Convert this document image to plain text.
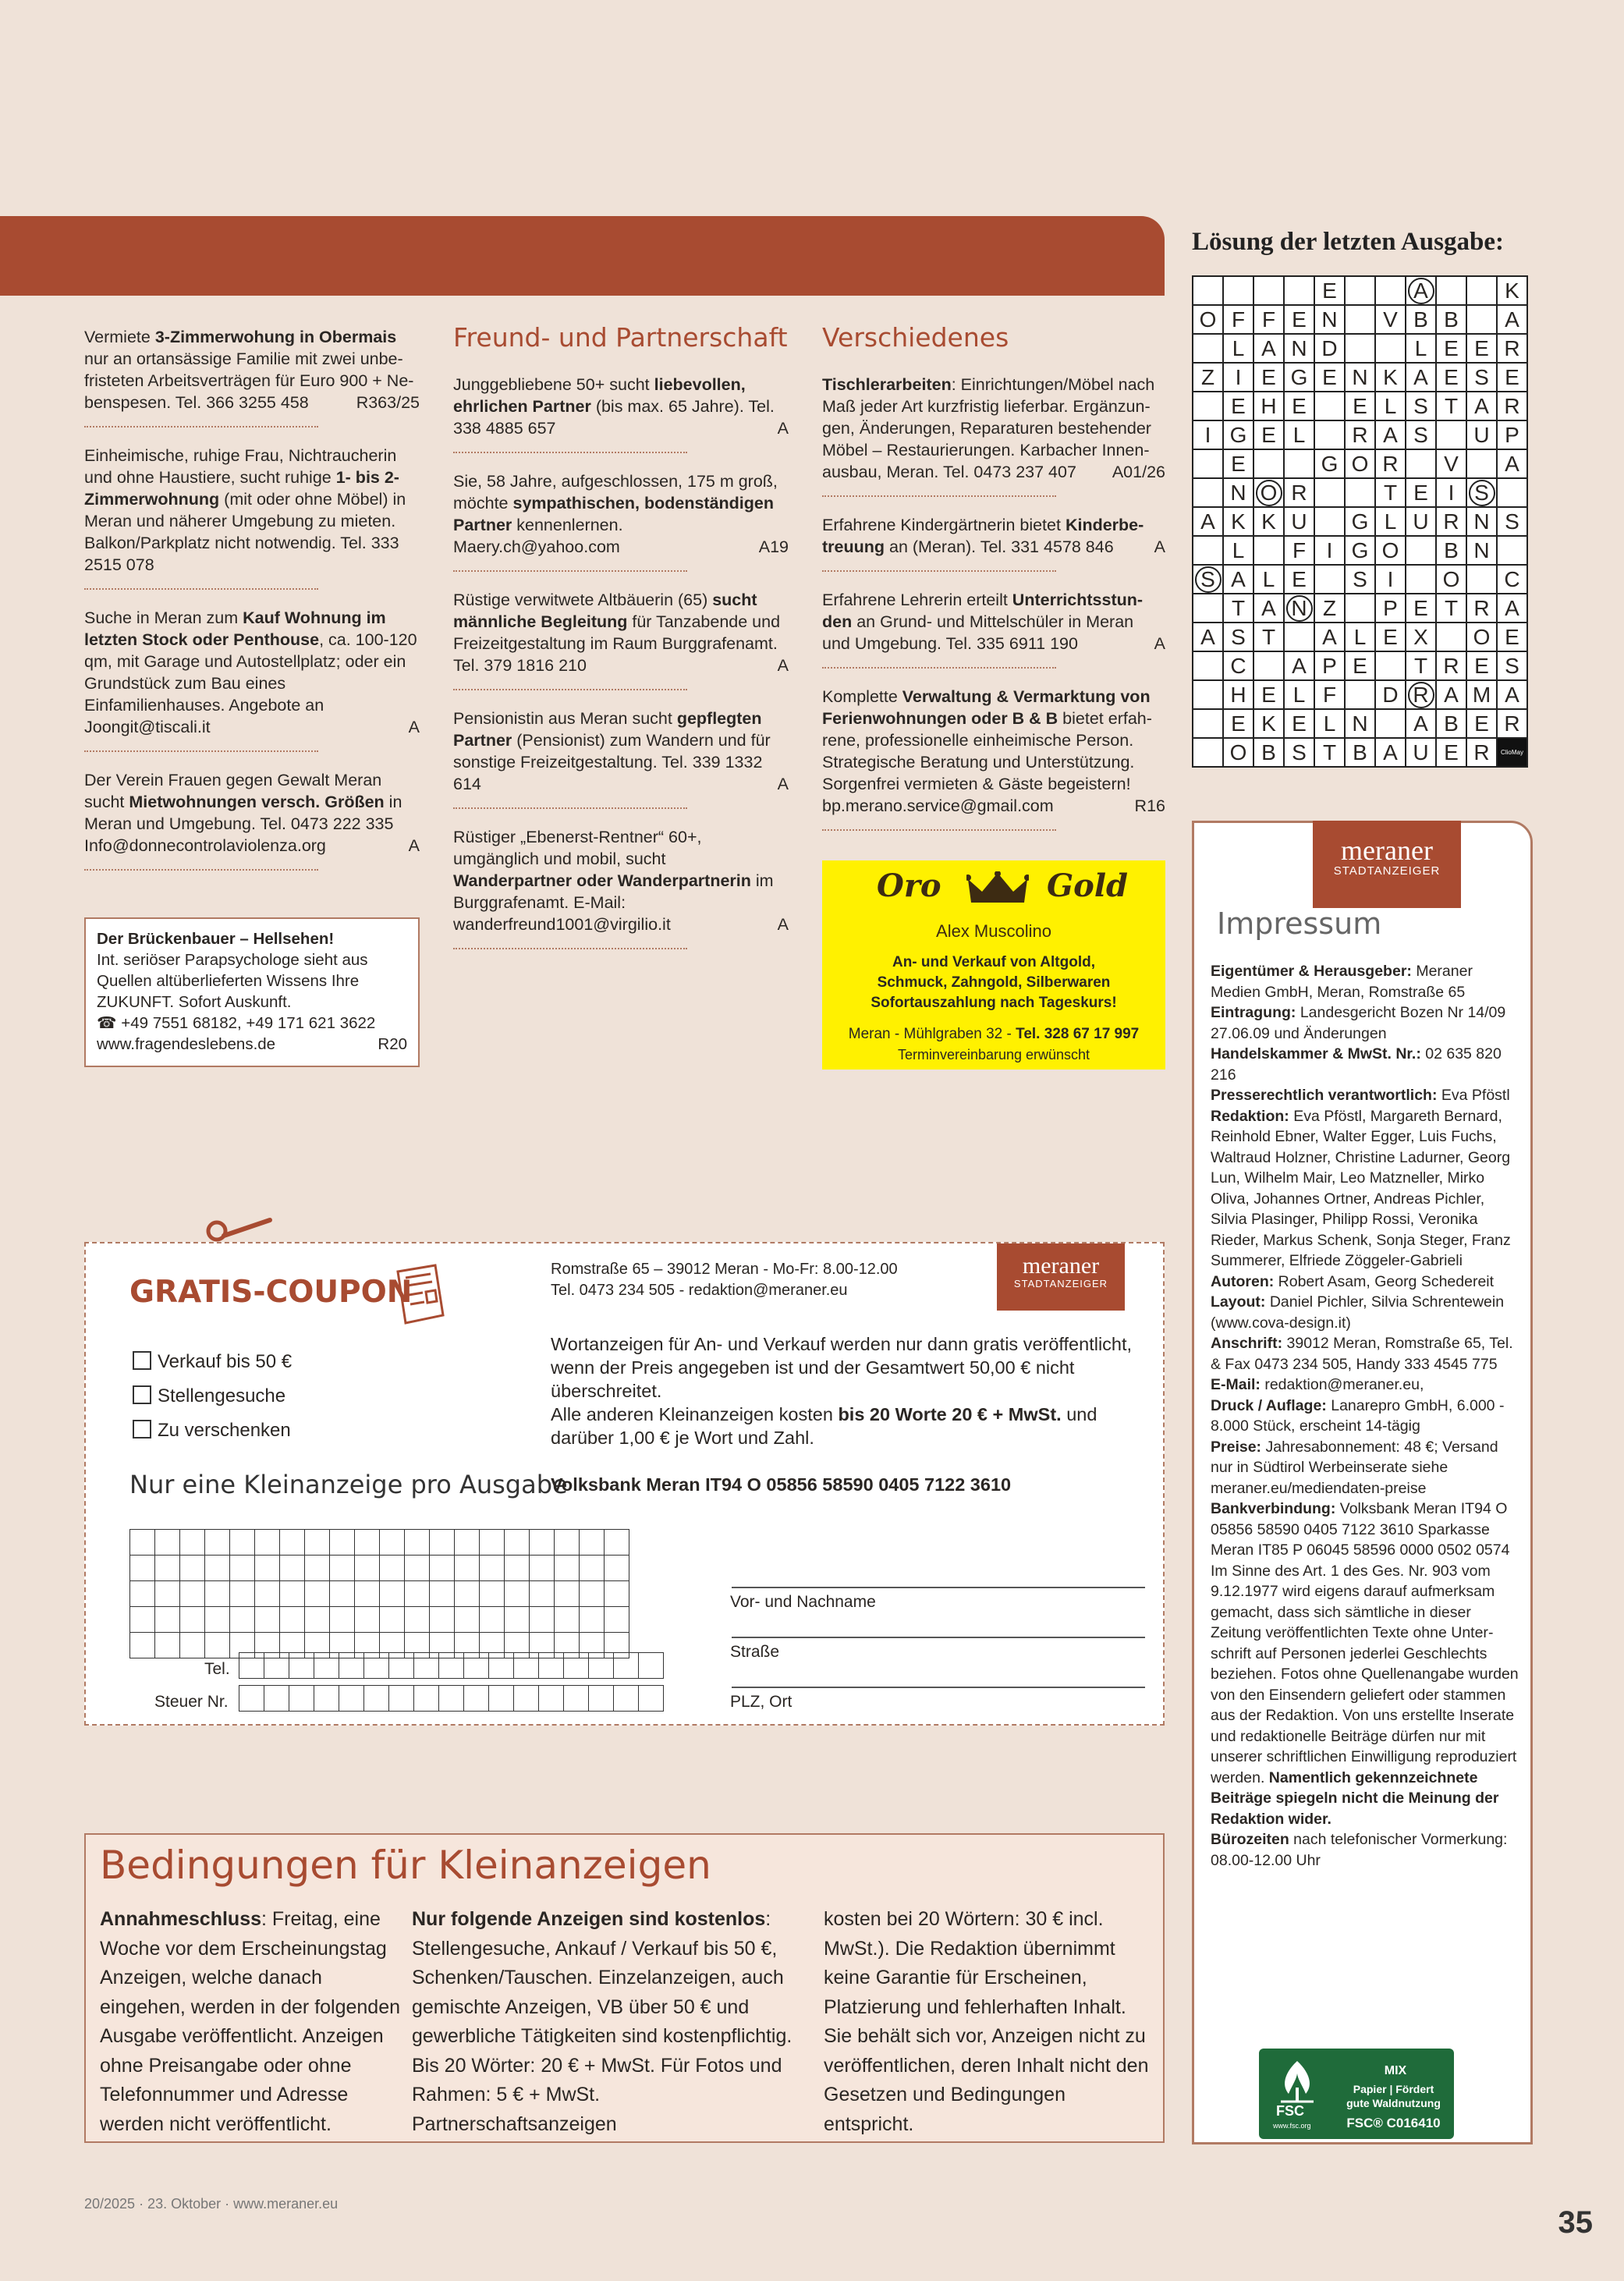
Vermiete 3-Zimmerwohung in Obermais nur an ortansässige Familie mit zwei unbefristeten Arbeitsverträgen für Euro 900 + Nebenspesen. Tel. 366 3255 458	R363/25
Einheimische, ruhige Frau, Nichtraucherin und ohne Haustiere, sucht ruhige 1- bis 2-Zimmerwohnung (mit oder ohne Möbel) in Meran und näherer Umgebung zu mieten. Balkon/Parkplatz nicht notwendig. Tel. 333 2515 078
Suche in Meran zum Kauf Wohnung im letzten Stock oder Penthouse, ca. 100-120 qm, mit Garage und Autostellplatz; oder ein Grundstück zum Bau eines Einfamilienhauses. Angebote an Joongit@tiscali.it	A
Der Verein Frauen gegen Gewalt Meran sucht Mietwohnungen versch. Größen in Meran und Umgebung. Tel. 0473 222 335 Info@donnecontrolaviolenza.org	A
Der Brückenbauer – Hellsehen!
Int. seriöser Parapsychologe sieht aus Quellen altüberlieferten Wissens Ihre ZUKUNFT. Sofort Auskunft.
☎ +49 7551 68182, +49 171 621 3622
www.fragendeslebens.de	R20
Freund- und Partnerschaft
Junggebliebene 50+ sucht liebevollen, ehrlichen Partner (bis max. 65 Jahre). Tel. 338 4885 657	A
Sie, 58 Jahre, aufgeschlossen, 175 m groß, möchte sympathischen, bodenständigen Partner kennenlernen. Maery.ch@yahoo.com	A19
Rüstige verwitwete Altbäuerin (65) sucht männliche Begleitung für Tanzabende und Freizeitgestaltung im Raum Burggrafenamt. Tel. 379 1816 210	A
Pensionistin aus Meran sucht gepflegten Partner (Pensionist) zum Wandern und für sonstige Freizeitgestaltung. Tel. 339 1332 614	A
Rüstiger „Ebenerst-Rentner“ 60+, umgänglich und mobil, sucht Wanderpartner oder Wanderpartnerin im Burggrafenamt. E-Mail: wanderfreund1001@virgilio.it	A
Verschiedenes
Tischlerarbeiten: Einrichtungen/Möbel nach Maß jeder Art kurzfristig lieferbar. Ergänzungen, Änderungen, Reparaturen bestehender Möbel – Restaurierungen. Karbacher Innenausbau, Meran. Tel. 0473 237 407 A01/26
Erfahrene Kindergärtnerin bietet Kinderbetreuung an (Meran). Tel. 331 4578 846 A
Erfahrene Lehrerin erteilt Unterrichtsstunden an Grund- und Mittelschüler in Meran und Umgebung. Tel. 335 6911 190	A
Komplette Verwaltung & Vermarktung von Ferienwohnungen oder B & B bietet erfahrene, professionelle einheimische Person. Strategische Beratung und Unterstützung. Sorgenfrei vermieten & Gäste begeistern! bp.merano.service@gmail.com	R16
Oro	Gold
Alex Muscolino
An- und Verkauf von Altgold,
Schmuck, Zahngold, Silberwaren
Sofortauszahlung nach Tageskurs!
Meran - Mühlgraben 32 - Tel. 328 67 17 997
Terminvereinbarung erwünscht
Lösung der letzten Ausgabe:
				E			A			K
O	F	F	E	N		V	B	B		A
	L	A	N	D			L	E	E	R
Z	I	E	G	E	N	K	A	E	S	E
	E	H	E		E	L	S	T	A	R
I	G	E	L		R	A	S		U	P
	E			G	O	R		V		A
	N	O	R			T	E	I	S	
A	K	K	U		G	L	U	R	N	S
	L		F	I	G	O		B	N	
S	A	L	E		S	I		O		C
	T	A	N	Z		P	E	T	R	A
A	S	T		A	L	E	X		O	E
	C		A	P	E		T	R	E	S
	H	E	L	F		D	R	A	M	A
	E	K	E	L	N		A	B	E	R
	O	B	S	T	B	A	U	E	R	ClioMay
meraner
STADTANZEIGER
Impressum
Eigentümer & Herausgeber: Meraner Medien GmbH, Meran, Romstraße 65
Eintragung: Landesgericht Bozen Nr 14/09 27.06.09 und Änderungen
Handelskammer & MwSt. Nr.: 02 635 820 216
Presserechtlich verantwortlich: Eva Pföstl
Redaktion: Eva Pföstl, Margareth Bernard, Reinhold Ebner, Walter Egger, Luis Fuchs, Waltraud Holzner, Christine Ladurner, Georg Lun, Wilhelm Mair, Leo Matzneller, Mirko Oliva, Johannes Ortner, Andreas Pichler, Silvia Plasinger, Philipp Rossi, Veronika Rieder, Markus Schenk, Sonja Steger, Franz Summerer, Elfriede Zöggeler-Gabrieli
Autoren: Robert Asam, Georg Schedereit
Layout: Daniel Pichler, Silvia Schrentewein (www.cova-design.it)
Anschrift: 39012 Meran, Romstraße 65, Tel. & Fax 0473 234 505, Handy 333 4545 775
E-Mail: redaktion@meraner.eu,
Druck / Auflage: Lanarepro GmbH, 6.000 - 8.000 Stück, erscheint 14-tägig
Preise: Jahresabonnement: 48 €; Versand nur in Südtirol Werbeinserate siehe meraner.eu/mediendaten-preise
Bankverbindung: Volksbank Meran IT94 O 05856 58590 0405 7122 3610 Sparkasse Meran IT85 P 06045 58596 0000 0502 0574
Im Sinne des Art. 1 des Ges. Nr. 903 vom 9.12.1977 wird eigens darauf aufmerksam gemacht, dass sich sämtliche in dieser Zeitung veröffentlichten Texte ohne Unterschrift auf Personen jederlei Geschlechts beziehen. Fotos ohne Quellenangabe wurden von den Einsendern geliefert oder stammen aus der Redaktion. Von uns erstellte Inserate und redaktionelle Beiträge dürfen nur mit unserer schriftlichen Einwilligung reproduziert werden. Namentlich gekennzeichnete Beiträge spiegeln nicht die Meinung der Redaktion wider.
Bürozeiten nach telefonischer Vormerkung: 08.00-12.00 Uhr
FSC
www.fsc.org
MIX
Papier | Fördert
gute Waldnutzung
FSC® C016410
GRATIS-COUPON
Verkauf bis 50 €
Stellengesuche
Zu verschenken
Nur eine Kleinanzeige pro Ausgabe
Romstraße 65 – 39012 Meran - Mo-Fr: 8.00-12.00
Tel. 0473 234 505 - redaktion@meraner.eu
meraner
STADTANZEIGER
Wortanzeigen für An- und Verkauf werden nur dann gratis veröffentlicht, wenn der Preis angegeben ist und der Gesamtwert 50,00 € nicht überschreitet.
Alle anderen Kleinanzeigen kosten bis 20 Worte 20 € + MwSt. und darüber 1,00 € je Wort und Zahl.
Volksbank Meran IT94 O 05856 58590 0405 7122 3610

Tel.

Steuer Nr.

Vor- und Nachname
Straße
PLZ, Ort
Bedingungen für Kleinanzeigen
Annahmeschluss: Freitag, eine Woche vor dem Erscheinungstag Anzeigen, welche danach eingehen, werden in der folgenden Ausgabe veröffentlicht. Anzeigen ohne Preisangabe oder ohne Telefonnummer und Adresse werden nicht veröffentlicht.
Nur folgende Anzeigen sind kostenlos: Stellengesuche, Ankauf / Verkauf bis 50 €, Schenken/Tauschen. Einzelanzeigen, auch gemischte Anzeigen, VB über 50 € und gewerbliche Tätigkeiten sind kostenpflichtig. Bis 20 Wörter: 20 € + MwSt. Für Fotos und Rahmen: 5 € + MwSt. Partnerschaftsanzeigen
kosten bei 20 Wörtern: 30 € incl. MwSt.). Die Redaktion übernimmt keine Garantie für Erscheinen, Platzierung und fehlerhaften Inhalt. Sie behält sich vor, Anzeigen nicht zu veröffentlichen, deren Inhalt nicht den Gesetzen und Bedingungen entspricht.
20/2025 · 23. Oktober · www.meraner.eu
35
